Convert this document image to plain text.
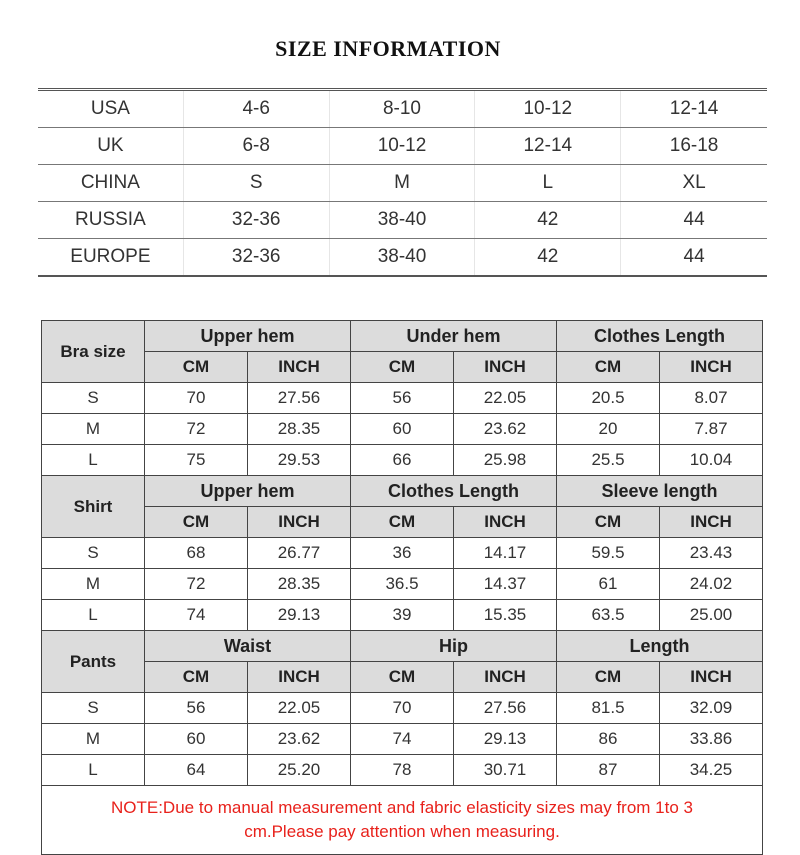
SIZE INFORMATION
USA	4-6	8-10	10-12	12-14
UK	6-8	10-12	12-14	16-18
CHINA	S	M	L	XL
RUSSIA	32-36	38-40	42	44
EUROPE	32-36	38-40	42	44
Bra size	Upper hem		Under hem		Clothes Length	
	CM	INCH	CM	INCH	CM	INCH
S	70	27.56	56	22.05	20.5	8.07
M	72	28.35	60	23.62	20	7.87
L	75	29.53	66	25.98	25.5	10.04
Shirt	Upper hem		Clothes Length		Sleeve length	
	CM	INCH	CM	INCH	CM	INCH
S	68	26.77	36	14.17	59.5	23.43
M	72	28.35	36.5	14.37	61	24.02
L	74	29.13	39	15.35	63.5	25.00
Pants	Waist		Hip		Length	
	CM	INCH	CM	INCH	CM	INCH
S	56	22.05	70	27.56	81.5	32.09
M	60	23.62	74	29.13	86	33.86
L	64	25.20	78	30.71	87	34.25
NOTE:Due to manual measurement and fabric elasticity sizes may from 1to 3 cm.Please pay attention when measuring.						
